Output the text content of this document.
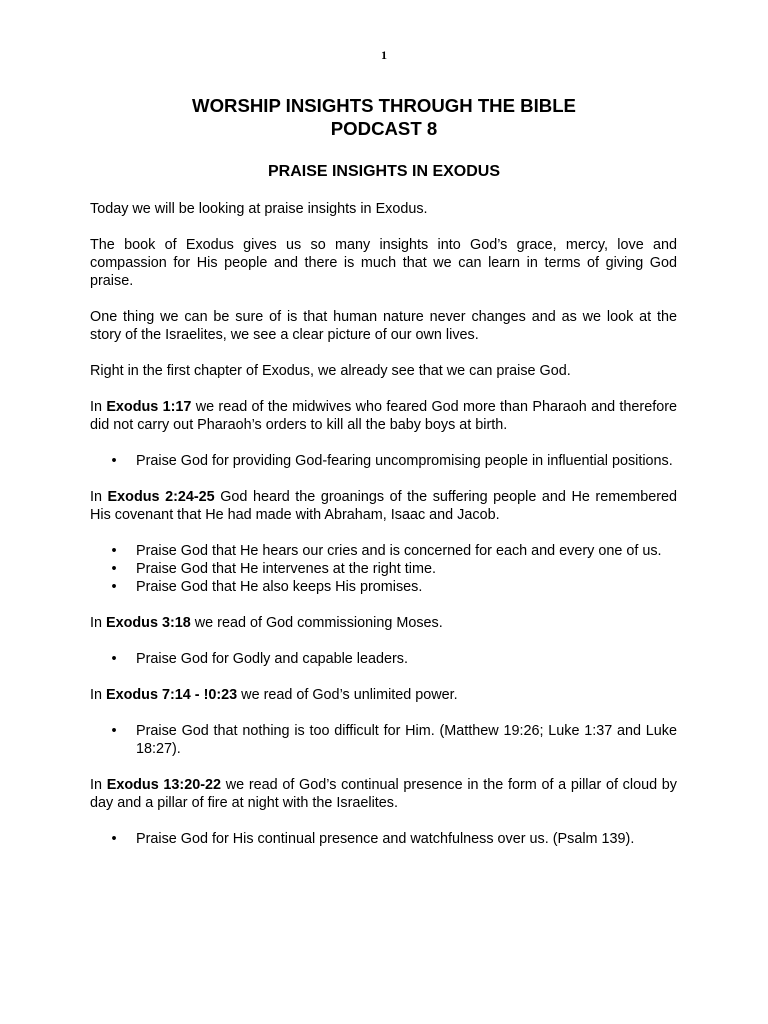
1
WORSHIP INSIGHTS THROUGH THE BIBLE
PODCAST 8
PRAISE INSIGHTS IN EXODUS

Today we will be looking at praise insights in Exodus.

The book of Exodus gives us so many insights into God’s grace, mercy, love and compassion for His people and there is much that we can learn in terms of giving God praise.

One thing we can be sure of is that human nature never changes and as we look at the story of the Israelites, we see a clear picture of our own lives.

Right in the first chapter of Exodus, we already see that we can praise God.

In Exodus 1:17 we read of the midwives who feared God more than Pharaoh and therefore did not carry out Pharaoh’s orders to kill all the baby boys at birth.

• Praise God for providing God-fearing uncompromising people in influential positions.

In Exodus 2:24-25 God heard the groanings of the suffering people and He remembered His covenant that He had made with Abraham, Isaac and Jacob.

• Praise God that He hears our cries and is concerned for each and every one of us.
• Praise God that He intervenes at the right time.
• Praise God that He also keeps His promises.

In Exodus 3:18 we read of God commissioning Moses.

• Praise God for Godly and capable leaders.

In Exodus 7:14 - !0:23 we read of God’s unlimited power.

• Praise God that nothing is too difficult for Him. (Matthew 19:26; Luke 1:37 and Luke 18:27).

In Exodus 13:20-22 we read of God’s continual presence in the form of a pillar of cloud by day and a pillar of fire at night with the Israelites.

• Praise God for His continual presence and watchfulness over us. (Psalm 139).
